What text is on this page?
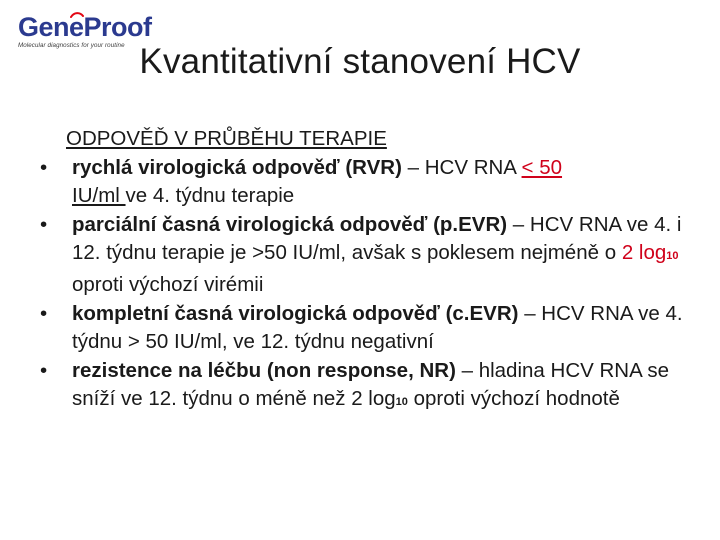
GeneProof
Molecular diagnostics for your routine Kvantitativní stanovení HCV
ODPOVĚĎ V PRŮBĚHU TERAPIE
•	rychlá virologická odpověď (RVR) – HCV RNA < 50
IU/ml ve 4. týdnu terapie
•	parciální časná virologická odpověď (p.EVR) – HCV RNA ve 4. i 12. týdnu terapie je >50 IU/ml, avšak s poklesem nejméně o 2 log10 oproti výchozí virémii
•	kompletní časná virologická odpověď (c.EVR) – HCV RNA ve 4. týdnu > 50 IU/ml, ve 12. týdnu negativní
•	rezistence na léčbu (non response, NR) – hladina HCV RNA se sníží ve 12. týdnu o méně než 2 log10 oproti výchozí hodnotě
